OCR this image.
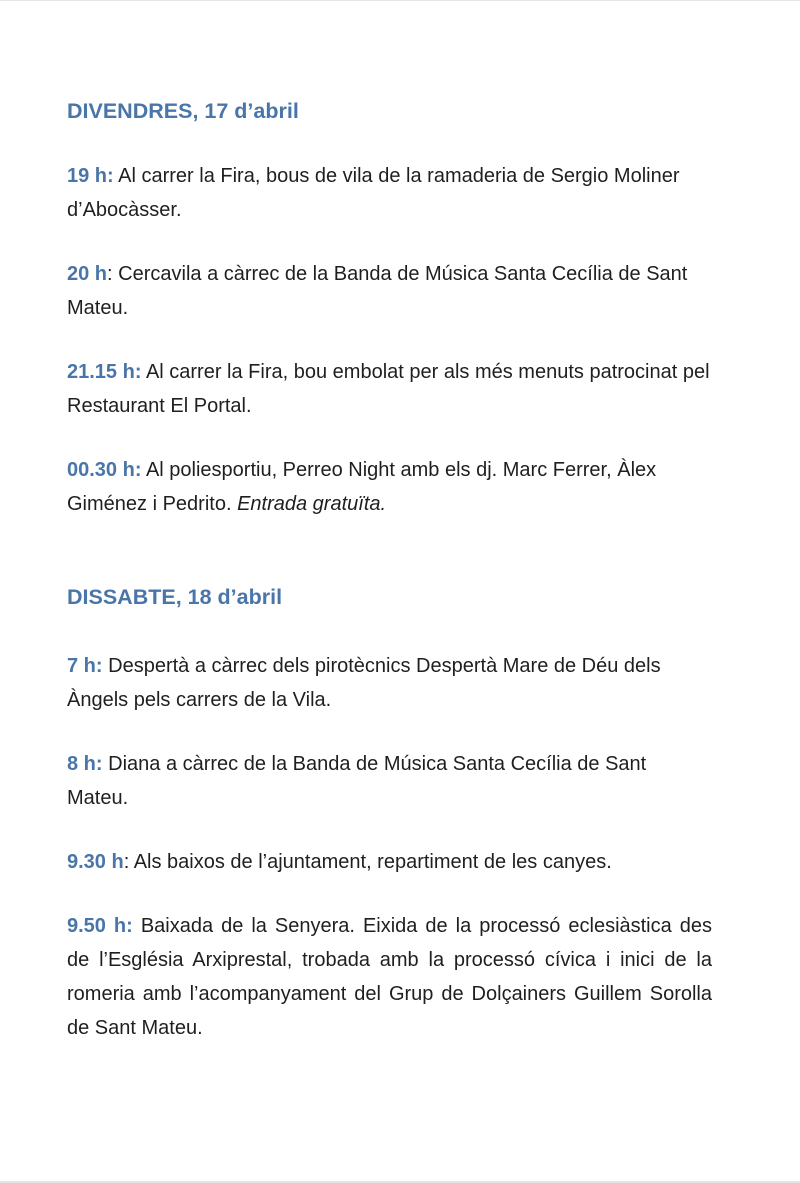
DIVENDRES, 17 d’abril

19 h: Al carrer la Fira, bous de vila de la ramaderia de Sergio Moliner d’Abocàsser.

20 h: Cercavila a càrrec de la Banda de Música Santa Cecília de Sant Mateu.

21.15 h: Al carrer la Fira, bou embolat per als més menuts patrocinat pel Restaurant El Portal.

00.30 h: Al poliesportiu, Perreo Night amb els dj. Marc Ferrer, Àlex Giménez i Pedrito. Entrada gratuïta.

DISSABTE, 18 d’abril

7 h: Despertà a càrrec dels pirotècnics Despertà Mare de Déu dels Àngels pels carrers de la Vila.

8 h: Diana a càrrec de la Banda de Música Santa Cecília de Sant Mateu.

9.30 h: Als baixos de l’ajuntament, repartiment de les canyes.

9.50 h: Baixada de la Senyera. Eixida de la processó eclesiàstica des de l’Església Arxiprestal, trobada amb la processó cívica i inici de la romeria amb l’acompanyament del Grup de Dolçainers Guillem Sorolla de Sant Mateu.
